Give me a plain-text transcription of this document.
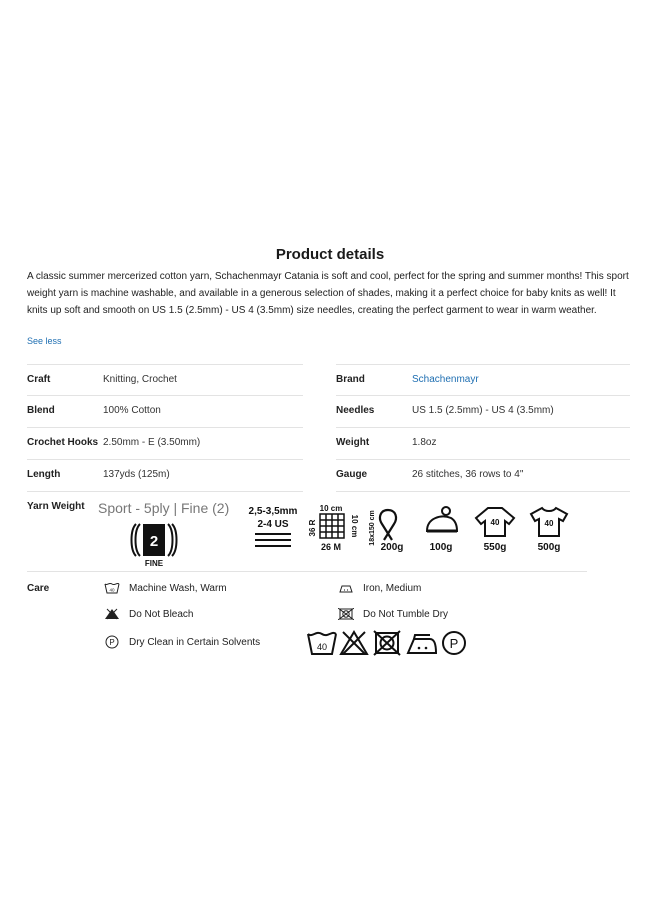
Product details
A classic summer mercerized cotton yarn, Schachenmayr Catania is soft and cool, perfect for the spring and summer months! This sport weight yarn is machine washable, and available in a generous selection of shades, making it a perfect choice for baby knits as well! It knits up soft and smooth on US 1.5 (2.5mm) - US 4 (3.5mm) size needles, creating the perfect garment to wear in warm weather.
See less
Craft	Knitting, Crochet	Brand	Schachenmayr
Blend	100% Cotton	Needles	US 1.5 (2.5mm) - US 4 (3.5mm)
Crochet Hooks 2.50mm - E (3.50mm)	Weight	1.8oz
Length	137yds (125m)	Gauge	26 stitches, 36 rows to 4"
Yarn Weight Sport - 5ply | Fine (2)
2
FINE
2,5-3,5mm
2-4 US
10 cm
36 R	10 cm
26 M
18x150 cm
200g	100g
40
550g
40
500g
Care	40 Machine Wash, Warm	Iron, Medium
Do Not Bleach	Do Not Tumble Dry
P Dry Clean in Certain Solvents	40	P
